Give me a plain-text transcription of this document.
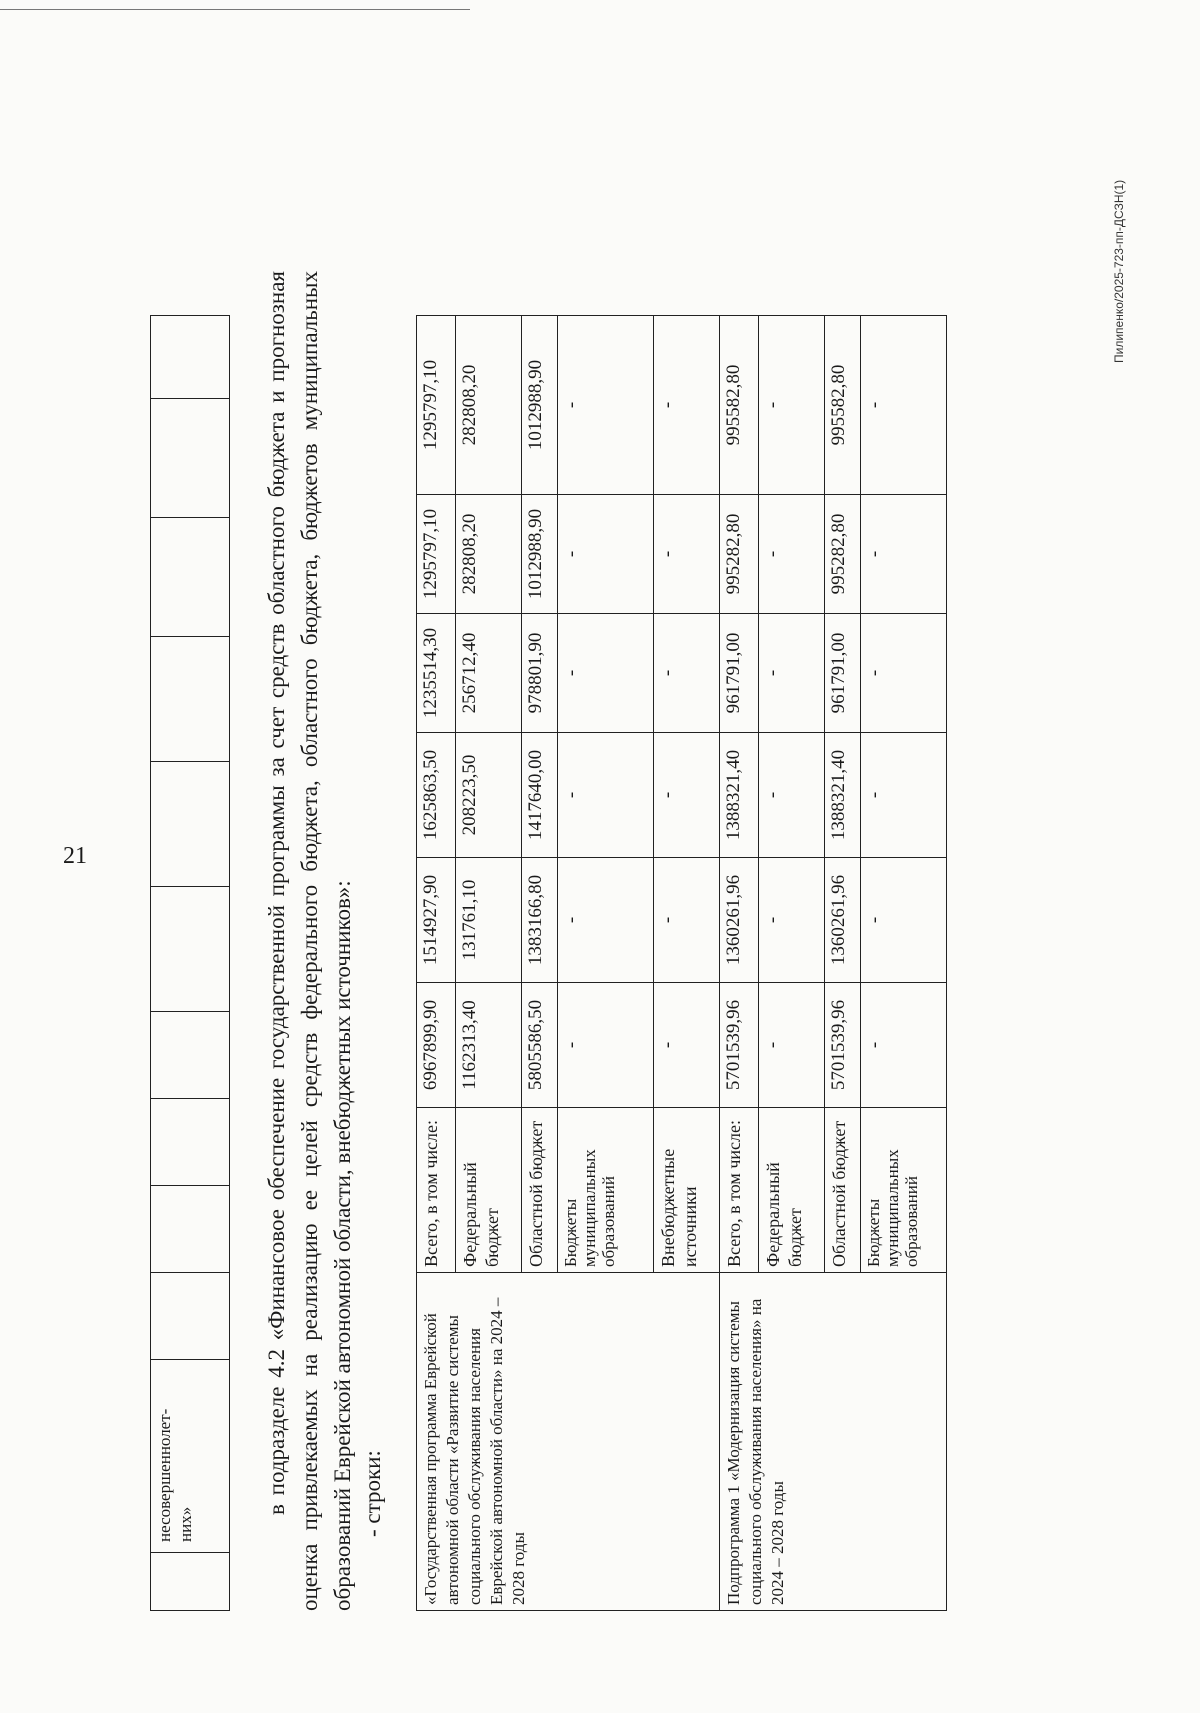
21
	несовершеннолет-
них»										
в подразделе 4.2 «Финансовое обеспечение государственной программы за счет средств областного бюджета и прогнозная оценка привлекаемых на реализацию ее целей средств федерального бюджета, областного бюджета, бюджетов муниципальных образований Еврейской автономной области, внебюджетных источников»: - строки: «Государственная программа Еврейской автономной области «Развитие системы социального обслуживания населения Еврейской автономной области» на 2024 – 2028 годы	Всего, в том числе:	6967899,90	1514927,90	1625863,50	1235514,30	1295797,10	1295797,10
	Федеральный бюджет	1162313,40	131761,10	208223,50	256712,40	282808,20	282808,20
	Областной бюджет	5805586,50	1383166,80	1417640,00	978801,90	1012988,90	1012988,90
	Бюджеты муниципальных образований	-	-	-	-	-	-
	Внебюджетные источники	-	-	-	-	-	-
Подпрограмма 1 «Модернизация системы социального обслуживания населения» на 2024 – 2028 годы	Всего, в том числе:	5701539,96	1360261,96	1388321,40	961791,00	995282,80	995582,80
	Федеральный бюджет	-	-	-	-	-	-
	Областной бюджет	5701539,96	1360261,96	1388321,40	961791,00	995282,80	995582,80
	Бюджеты муниципальных образований	-	-	-	-	-	-
Пилипенко/2025-723-пп-ДСЗН(1)
